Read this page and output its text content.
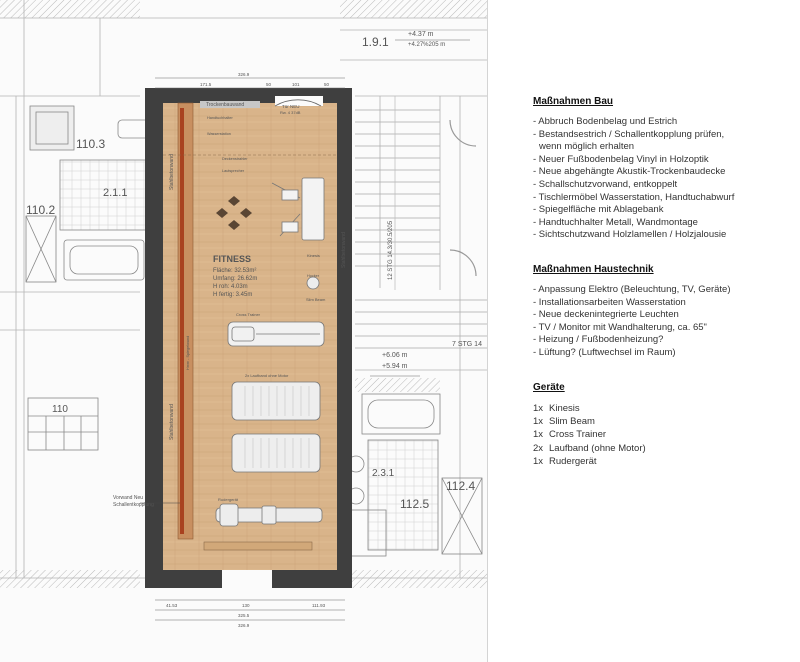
FITNESS
Fläche: 32.53m²
Umfang: 26.62m
H roh: 4.03m
H fertig: 3.45m
Tür NEU
Rw. 4 37dB
Trockenbauwand
Stahlbetonwand
Stahlbetonwand
Stahlbetonwand
Hmm - Spiegelwand
Kinesis
Cross Trainer
Slim Beam
2x Laufband ohne Motor
Rudergerät
Handtuchhalter
Wasserstation
Deckenstrahler
Lautsprecher
Hocker
110.3
2.1.1
110.2
110
112.5
112.4
2.3.1
1.9.1
+4.37 m
+4.27%205 m
+6.06 m
+5.94 m
326.9
171.5	50	101	50
41.53	130	111.93
325.5
326.9
12 STG 14.3/30.5/205
7 STG 14
Vorwand Neu
Schallentkopplung
Maßnahmen Bau
- Abbruch Bodenbelag und Estrich
- Bestandsestrich / Schallentkopplung prüfen,
wenn möglich erhalten
- Neuer Fußbodenbelag Vinyl in Holzoptik
- Neue abgehängte Akustik-Trockenbaudecke
- Schallschutzvorwand, entkoppelt
- Tischlermöbel Wasserstation, Handtuchabwurf
- Spiegelfläche mit Ablagebank
- Handtuchhalter Metall, Wandmontage
- Sichtschutzwand Holzlamellen / Holzjalousie
Maßnahmen Haustechnik
- Anpassung Elektro (Beleuchtung, TV, Geräte)
- Installationsarbeiten Wasserstation
- Neue deckenintegrierte Leuchten
- TV / Monitor mit Wandhalterung, ca. 65"
- Heizung / Fußbodenheizung?
- Lüftung? (Luftwechsel im Raum)
Geräte
1x Kinesis
1x Slim Beam
1x Cross Trainer
2x Laufband (ohne Motor)
1x Rudergerät
